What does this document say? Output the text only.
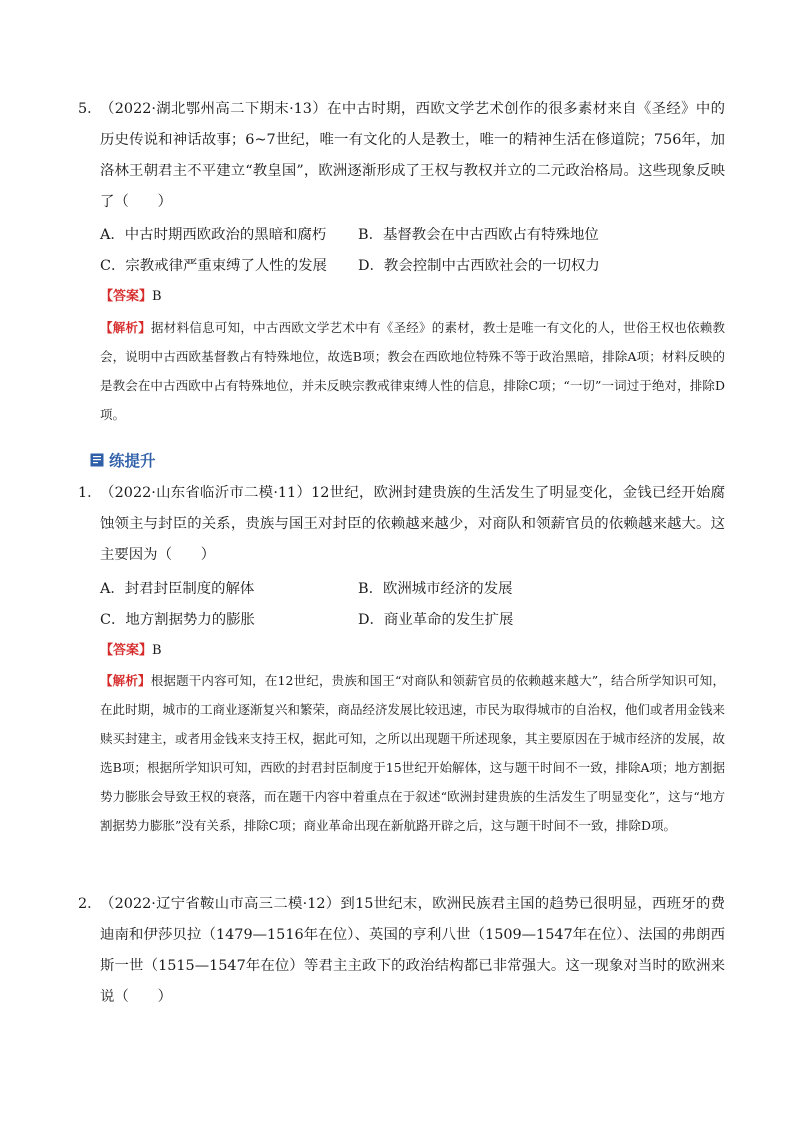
5．
（2022·湖北鄂州高二下期末·13）在中古时期，西欧文学艺术创作的很多素材来自《圣经》中的历史传说和神话故事；6~7世纪，唯一有文化的人是教士，唯一的精神生活在修道院；756年，加洛林王朝君主不平建立“教皇国”，欧洲逐渐形成了王权与教权并立的二元政治格局。这些现象反映了（　　）
A．中古时期西欧政治的黑暗和腐朽 B．基督教会在中古西欧占有特殊地位
C．宗教戒律严重束缚了人性的发展 D．教会控制中古西欧社会的一切权力
【答案】B
【解析】据材料信息可知，中古西欧文学艺术中有《圣经》的素材，教士是唯一有文化的人，世俗王权也依赖教会，说明中古西欧基督教占有特殊地位，故选B项；教会在西欧地位特殊不等于政治黑暗，排除A项；材料反映的是教会在中古西欧中占有特殊地位，并未反映宗教戒律束缚人性的信息，排除C项；“一切”一词过于绝对，排除D项。
练提升
1．
（2022·山东省临沂市二模·11）12世纪，欧洲封建贵族的生活发生了明显变化，金钱已经开始腐蚀领主与封臣的关系，贵族与国王对封臣的依赖越来越少，对商队和领薪官员的依赖越来越大。这主要因为（　　）
A．封君封臣制度的解体	B．欧洲城市经济的发展
C．地方割据势力的膨胀	D．商业革命的发生扩展
【答案】B
【解析】根据题干内容可知，在12世纪，贵族和国王“对商队和领薪官员的依赖越来越大”，结合所学知识可知，在此时期，城市的工商业逐渐复兴和繁荣，商品经济发展比较迅速，市民为取得城市的自治权，他们或者用金钱来赎买封建主，或者用金钱来支持王权，据此可知，之所以出现题干所述现象，其主要原因在于城市经济的发展，故选B项；根据所学知识可知，西欧的封君封臣制度于15世纪开始解体，这与题干时间不一致，排除A项；地方割据势力膨胀会导致王权的衰落，而在题干内容中着重点在于叙述“欧洲封建贵族的生活发生了明显变化”，这与“地方割据势力膨胀”没有关系，排除C项；商业革命出现在新航路开辟之后，这与题干时间不一致，排除D项。
2．
（2022·辽宁省鞍山市高三二模·12）到15世纪末，欧洲民族君主国的趋势已很明显，西班牙的费迪南和伊莎贝拉（1479—1516年在位）、英国的亨利八世（1509—1547年在位）、法国的弗朗西斯一世（1515—1547年在位）等君主主政下的政治结构都已非常强大。这一现象对当时的欧洲来说（　　）
